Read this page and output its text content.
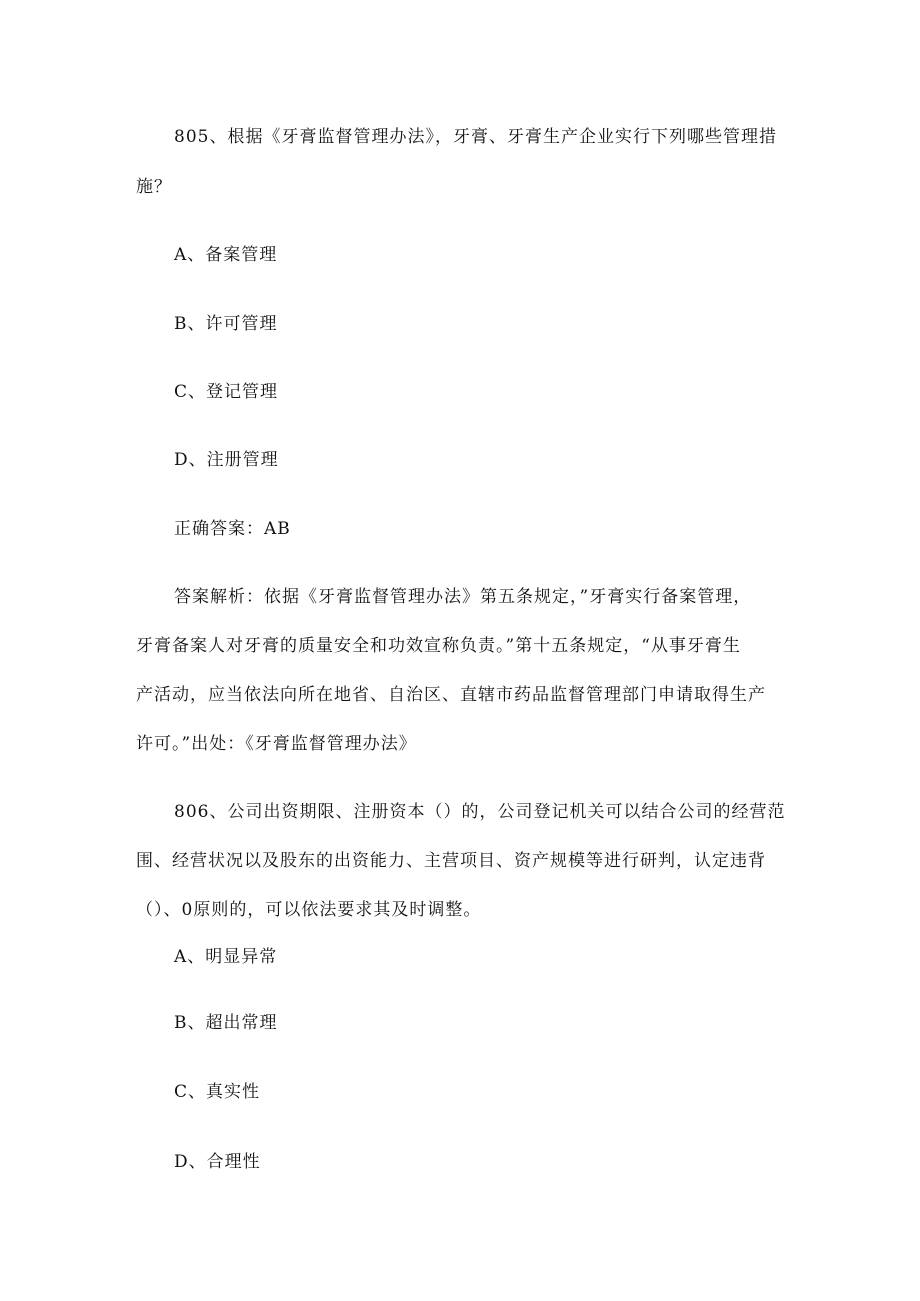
805、根据《牙膏监督管理办法》，牙膏、牙膏生产企业实行下列哪些管理措
施？
A、备案管理
B、许可管理
C、登记管理
D、注册管理
正确答案：AB
答案解析：依据《牙膏监督管理办法》第五条规定，”牙膏实行备案管理，
牙膏备案人对牙膏的质量安全和功效宣称负责。”第十五条规定，“从事牙膏生
产活动，应当依法向所在地省、自治区、直辖市药品监督管理部门申请取得生产
许可。”出处：《牙膏监督管理办法》
806、公司出资期限、注册资本（）的，公司登记机关可以结合公司的经营范
围、经营状况以及股东的出资能力、主营项目、资产规模等进行研判，认定违背
（）、0原则的，可以依法要求其及时调整。
A、明显异常
B、超出常理
C、真实性
D、合理性
